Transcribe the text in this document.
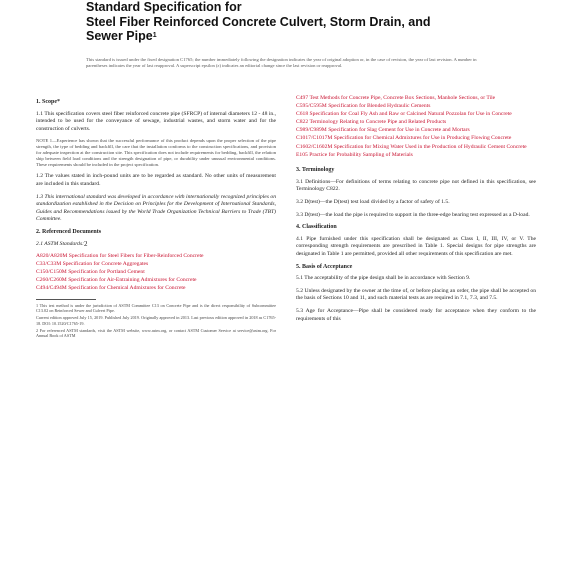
Standard Specification for
Steel Fiber Reinforced Concrete Culvert, Storm Drain, and
Sewer Pipe$^1$
This standard is issued under the fixed designation C1765; the number immediately following the designation indicates the year of original adoption or, in the case of revision, the year of last revision. A number in parentheses indicates the year of last reapproval. A superscript epsilon (ε) indicates an editorial change since the last revision or reapproval.
1. Scope*

1.1 This specification covers steel fiber reinforced concrete pipe (SFRCP) of internal diameters 12 - 48 in., intended to be used for the conveyance of sewage, industrial wastes, and storm water and for the construction of culverts.

NOTE 1—Experience has shown that the successful performance of this product depends upon the proper selection of the pipe strength, the type of bedding and backfill, the care that the installation conforms to the construction specifications, and provision for adequate inspection at the construction site. This specification does not include requirements for bedding, backfill, the relation ship between field load conditions and the strength designation of pipe, or durability under unusual environmental conditions. These requirements should be included in the project specification.

1.2 The values stated in inch-pound units are to be regarded as standard. No other units of measurement are included in this standard.

1.3 This international standard was developed in accordance with internationally recognized principles on standardization established in the Decision on Principles for the Development of International Standards, Guides and Recommendations issued by the World Trade Organization Technical Barriers to Trade (TBT) Committee.

2. Referenced Documents

2.1 ASTM Standards:2

A820/A820M Specification for Steel Fibers for Fiber-Reinforced Concrete
C33/C33M Specification for Concrete Aggregates
C150/C150M Specification for Portland Cement
C260/C260M Specification for Air-Entraining Admixtures for Concrete
C494/C494M Specification for Chemical Admixtures for Concrete

1 This test method is under the jurisdiction of ASTM Committee C13 on Concrete Pipe and is the direct responsibility of Subcommittee C13.02 on Reinforced Sewer and Culvert Pipe.

Current edition approved July 15, 2019. Published July 2019. Originally approved in 2013. Last previous edition approved in 2018 as C1765-18. DOI: 10.1520/C1765-19.

2 For referenced ASTM standards, visit the ASTM website, www.astm.org, or contact ASTM Customer Service at service@astm.org. For Annual Book of ASTM

C497 Test Methods for Concrete Pipe, Concrete Box Sections, Manhole Sections, or Tile
C595/C595M Specification for Blended Hydraulic Cements
C618 Specification for Coal Fly Ash and Raw or Calcined Natural Pozzolan for Use in Concrete
C822 Terminology Relating to Concrete Pipe and Related Products
C989/C989M Specification for Slag Cement for Use in Concrete and Mortars
C1017/C1017M Specification for Chemical Admixtures for Use in Producing Flowing Concrete
C1602/C1602M Specification for Mixing Water Used in the Production of Hydraulic Cement Concrete
E105 Practice for Probability Sampling of Materials
3. Terminology

3.1 Definitions—For definitions of terms relating to concrete pipe not defined in this specification, see Terminology C822.

3.2 D(test)—the D(test) test load divided by a factor of safety of 1.5.

3.3 D(test)—the load the pipe is required to support in the three-edge bearing test expressed as a D-load.

4. Classification

4.1 Pipe furnished under this specification shall be designated as Class I, II, III, IV, or V. The corresponding strength requirements are prescribed in Table 1. Special designs for pipe strengths are designated in Table 1 are permitted, provided all other requirements of this specification are met.

5. Basis of Acceptance

5.1 The acceptability of the pipe design shall be in accordance with Section 9.

5.2 Unless designated by the owner at the time of, or before placing an order, the pipe shall be accepted on the basis of Sections 10 and 11, and such material tests as are required in 7.1, 7.3, and 7.5.

5.3 Age for Acceptance—Pipe shall be considered ready for acceptance when they conform to the requirements of this
